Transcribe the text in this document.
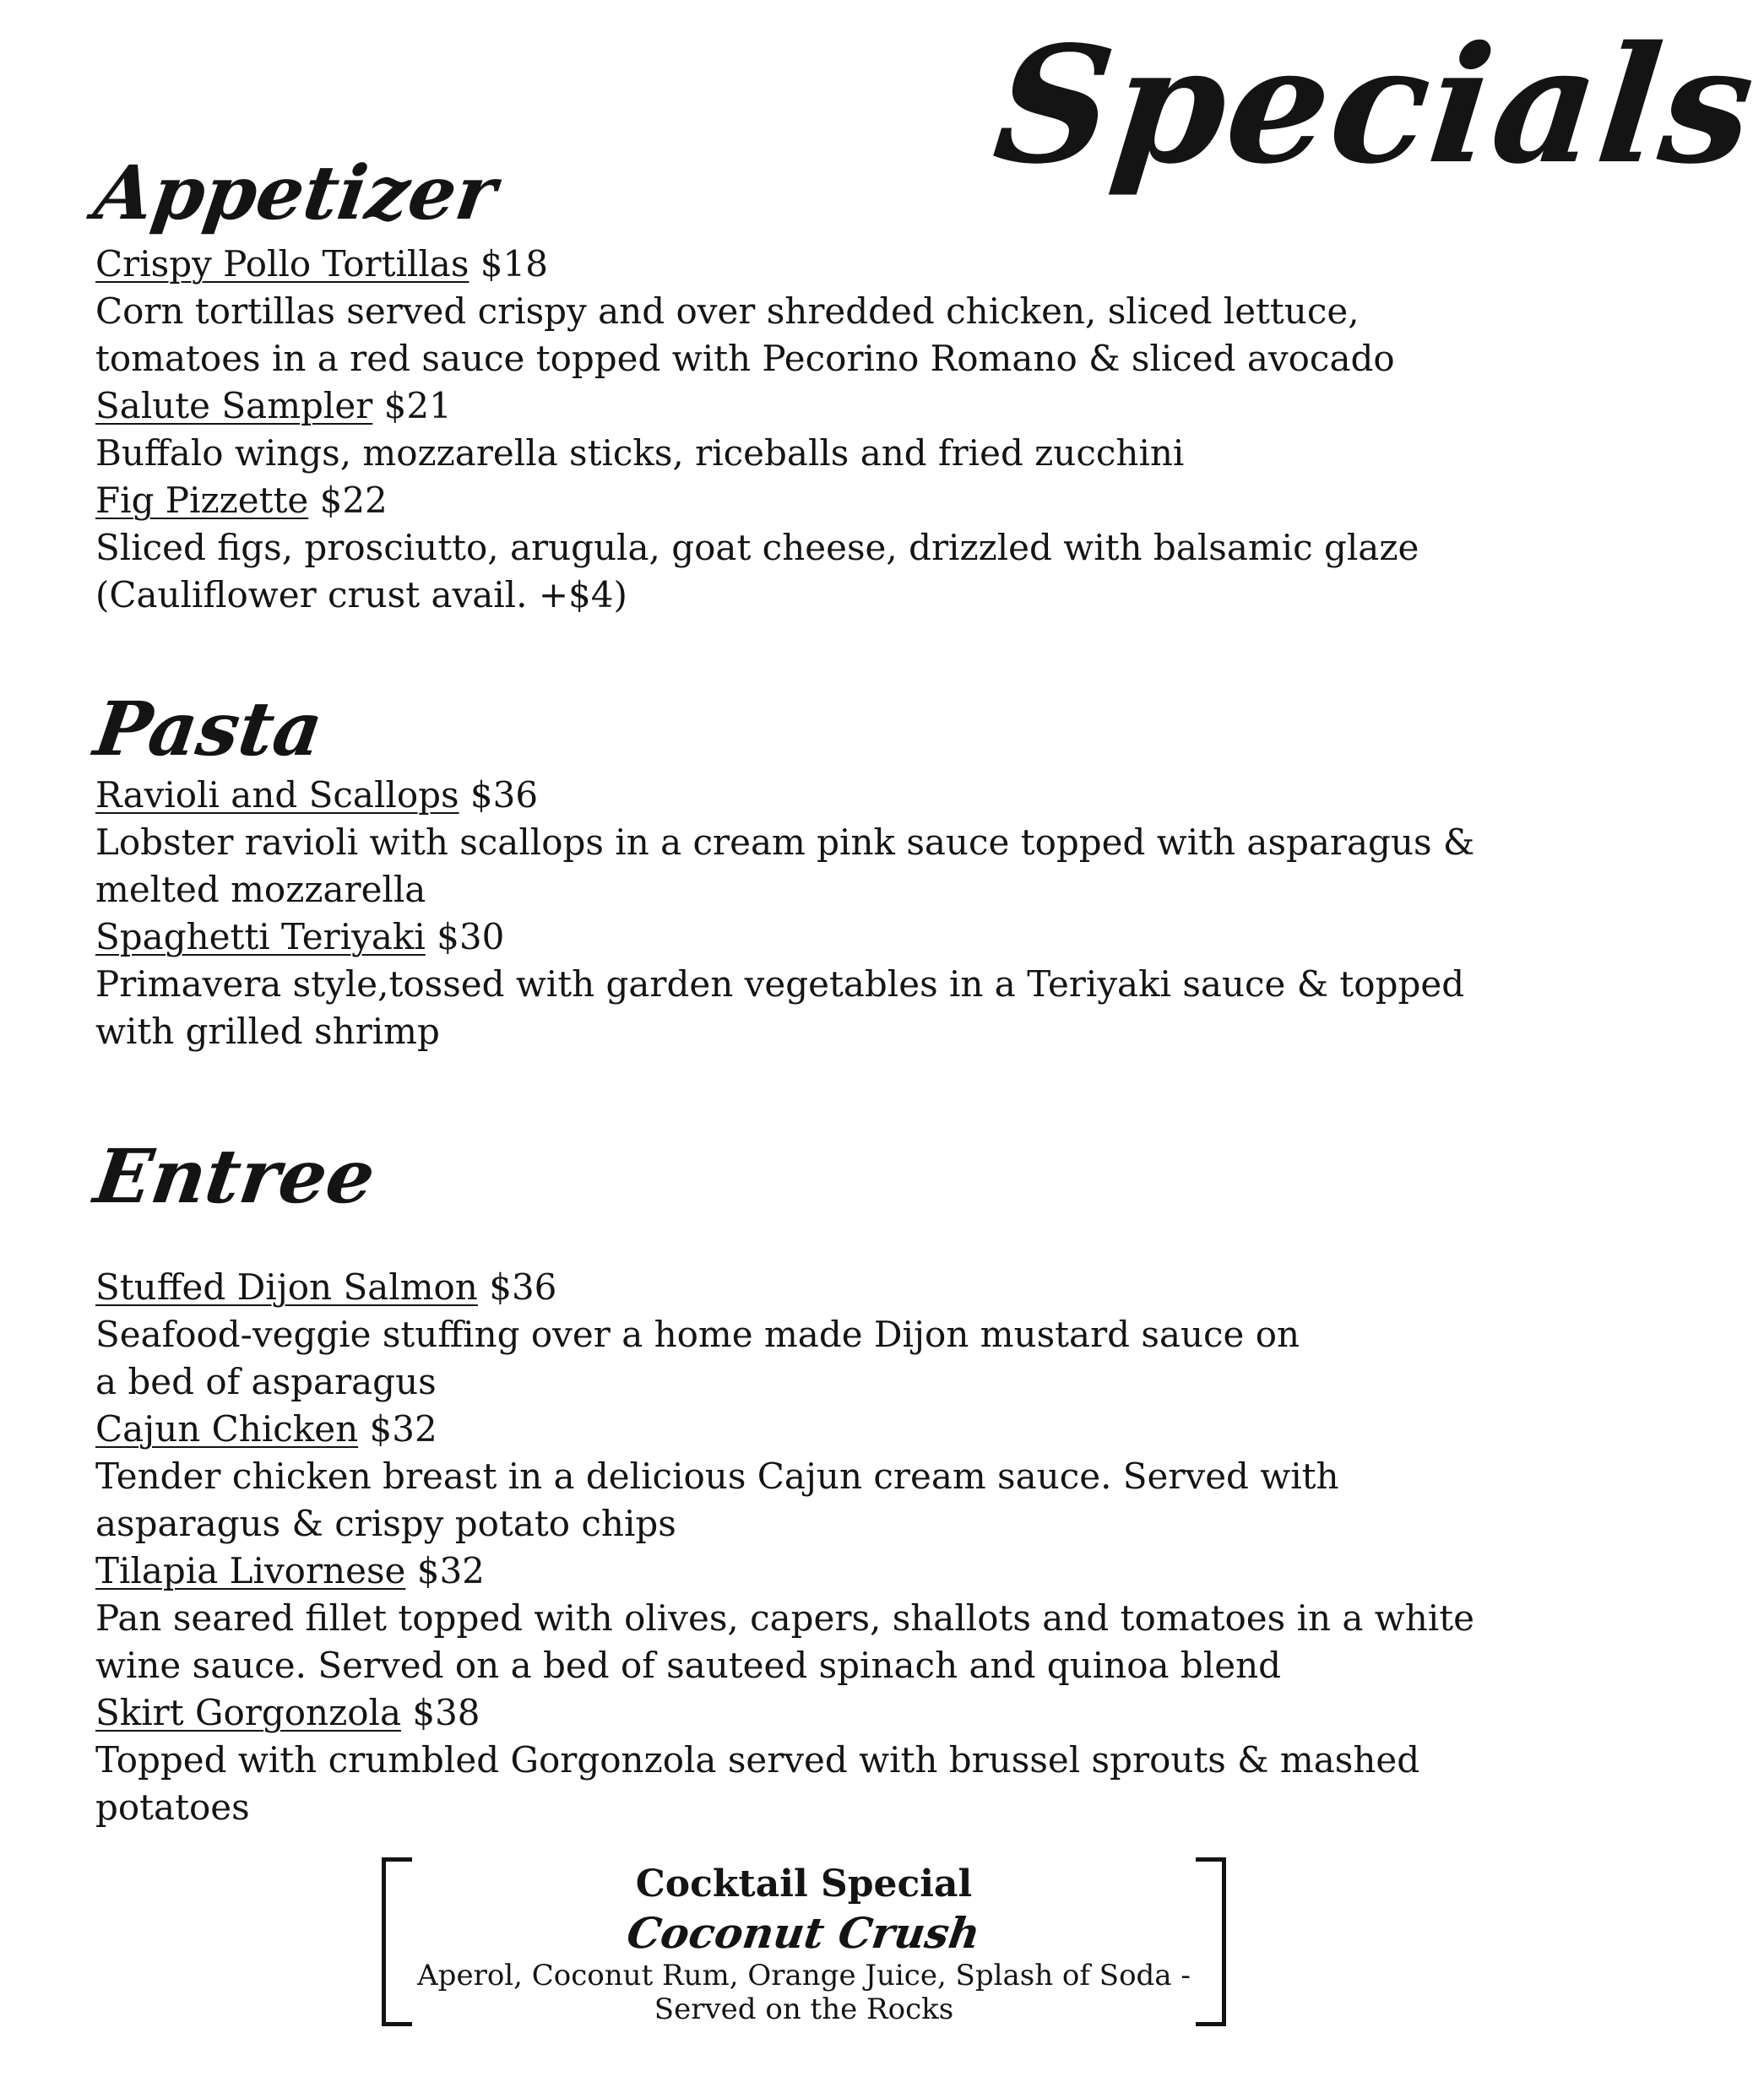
Specials
Appetizer
Crispy Pollo Tortillas $18
Corn tortillas served crispy and over shredded chicken, sliced lettuce,
tomatoes in a red sauce topped with Pecorino Romano & sliced avocado
Salute Sampler $21
Buffalo wings, mozzarella sticks, riceballs and fried zucchini
Fig Pizzette $22
Sliced figs, prosciutto, arugula, goat cheese, drizzled with balsamic glaze
(Cauliflower crust avail. +$4)
Pasta
Ravioli and Scallops $36
Lobster ravioli with scallops in a cream pink sauce topped with asparagus &
melted mozzarella
Spaghetti Teriyaki $30
Primavera style,tossed with garden vegetables in a Teriyaki sauce & topped
with grilled shrimp
Entree
Stuffed Dijon Salmon $36
Seafood-veggie stuffing over a home made Dijon mustard sauce on
a bed of asparagus
Cajun Chicken $32
Tender chicken breast in a delicious Cajun cream sauce. Served with
asparagus & crispy potato chips
Tilapia Livornese $32
Pan seared fillet topped with olives, capers, shallots and tomatoes in a white
wine sauce. Served on a bed of sauteed spinach and quinoa blend
Skirt Gorgonzola $38
Topped with crumbled Gorgonzola served with brussel sprouts & mashed
potatoes
Cocktail Special
Coconut Crush
Aperol, Coconut Rum, Orange Juice, Splash of Soda -
Served on the Rocks
